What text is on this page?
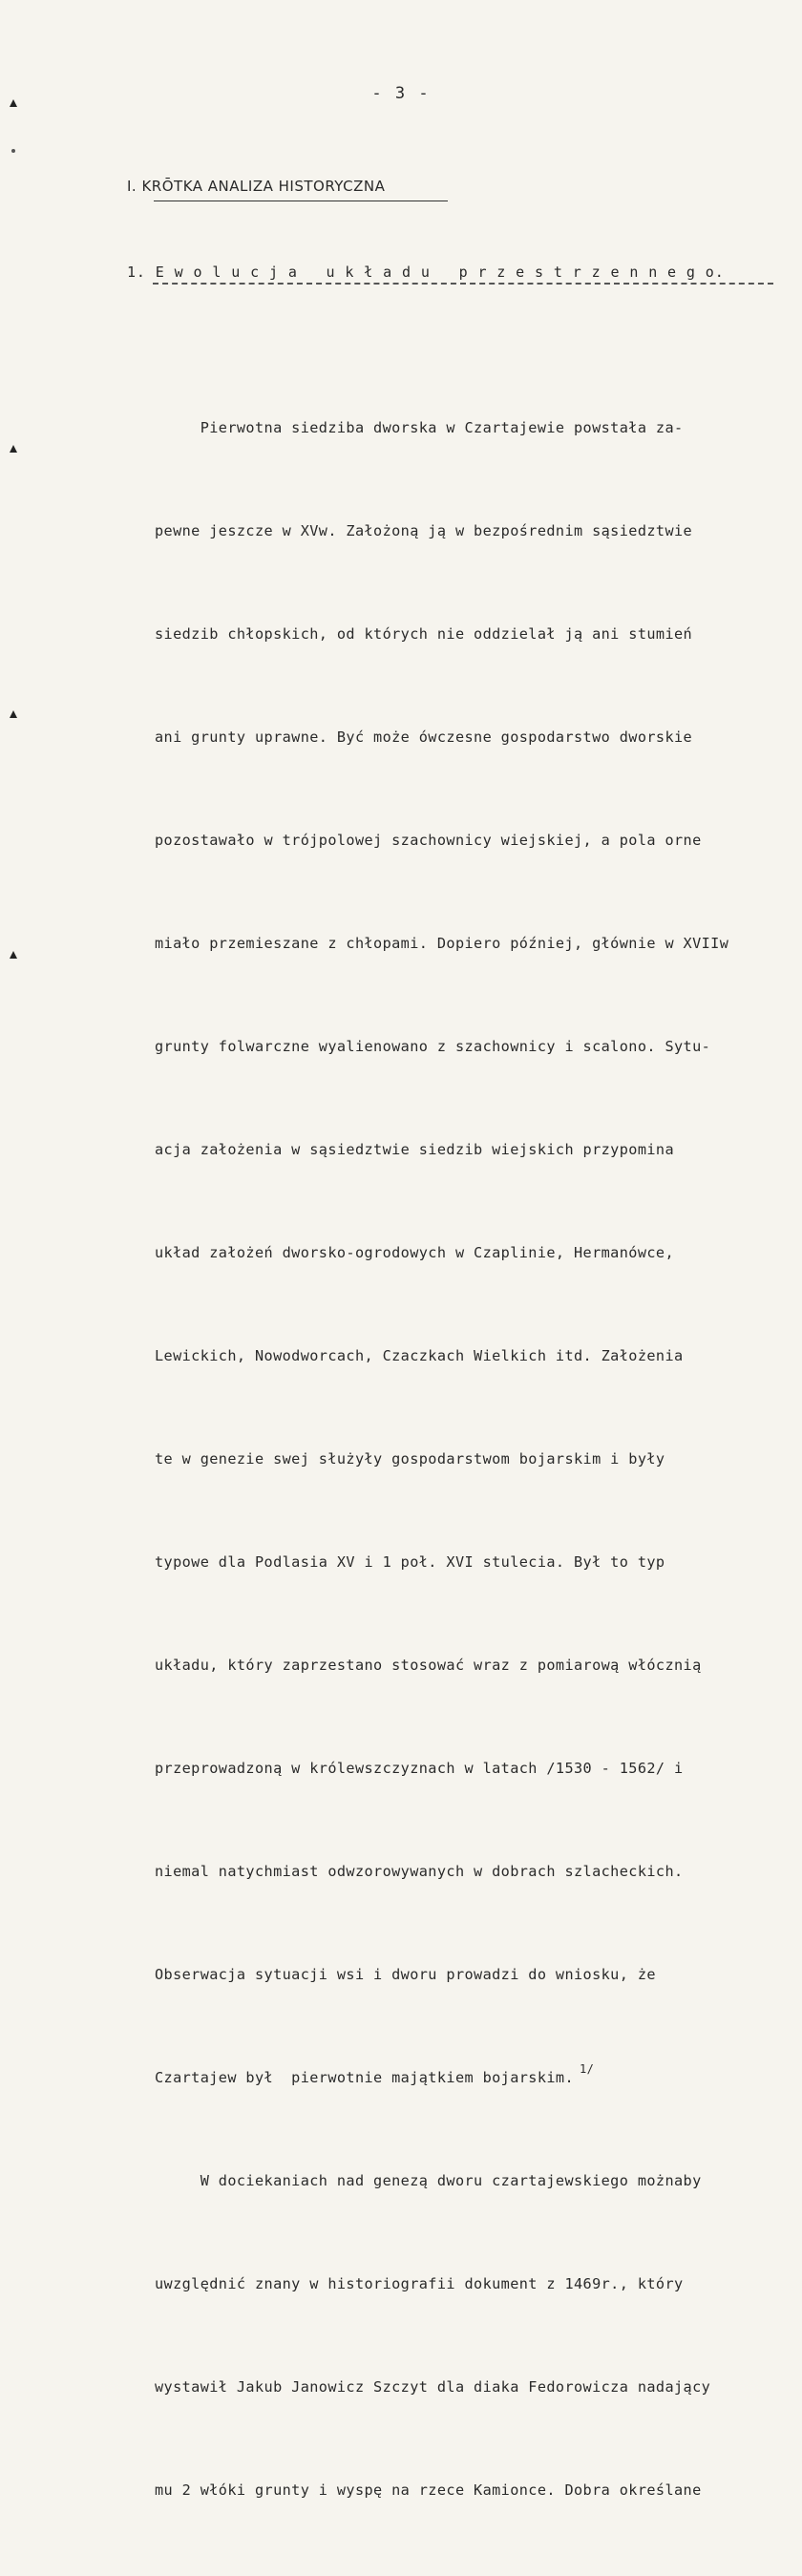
- 3 -
I. KRŌTKA ANALIZA HISTORYCZNA
1. E w o l u c j a   u k ł a d u   p r z e s t r z e n n e g o.

Pierwotna siedziba dworska w Czartajewie powstała za-

pewne jeszcze w XVw. Założoną ją w bezpośrednim sąsiedztwie

siedzib chłopskich, od których nie oddzielał ją ani stumień

ani grunty uprawne. Być może ówczesne gospodarstwo dworskie

pozostawało w trójpolowej szachownicy wiejskiej, a pola orne

miało przemieszane z chłopami. Dopiero później, głównie w XVIIw

grunty folwarczne wyalienowano z szachownicy i scalono. Sytu-

acja założenia w sąsiedztwie siedzib wiejskich przypomina

układ założeń dworsko-ogrodowych w Czaplinie, Hermanówce,

Lewickich, Nowodworcach, Czaczkach Wielkich itd. Założenia

te w genezie swej służyły gospodarstwom bojarskim i były

typowe dla Podlasia XV i 1 poł. XVI stulecia. Był to typ

układu, który zaprzestano stosować wraz z pomiarową włócznią

przeprowadzoną w królewszczyznach w latach /1530 - 1562/ i

niemal natychmiast odwzorowywanych w dobrach szlacheckich.

Obserwacja sytuacji wsi i dworu prowadzi do wniosku, że

Czartajew był  pierwotnie majątkiem bojarskim. $^{1/}$

W dociekaniach nad genezą dworu czartajewskiego możnaby

uwzględnić znany w historiografii dokument z 1469r., który

wystawił Jakub Janowicz Szczyt dla diaka Fedorowicza nadający

mu 2 włóki grunty i wyspę na rzece Kamionce. Dobra określane
